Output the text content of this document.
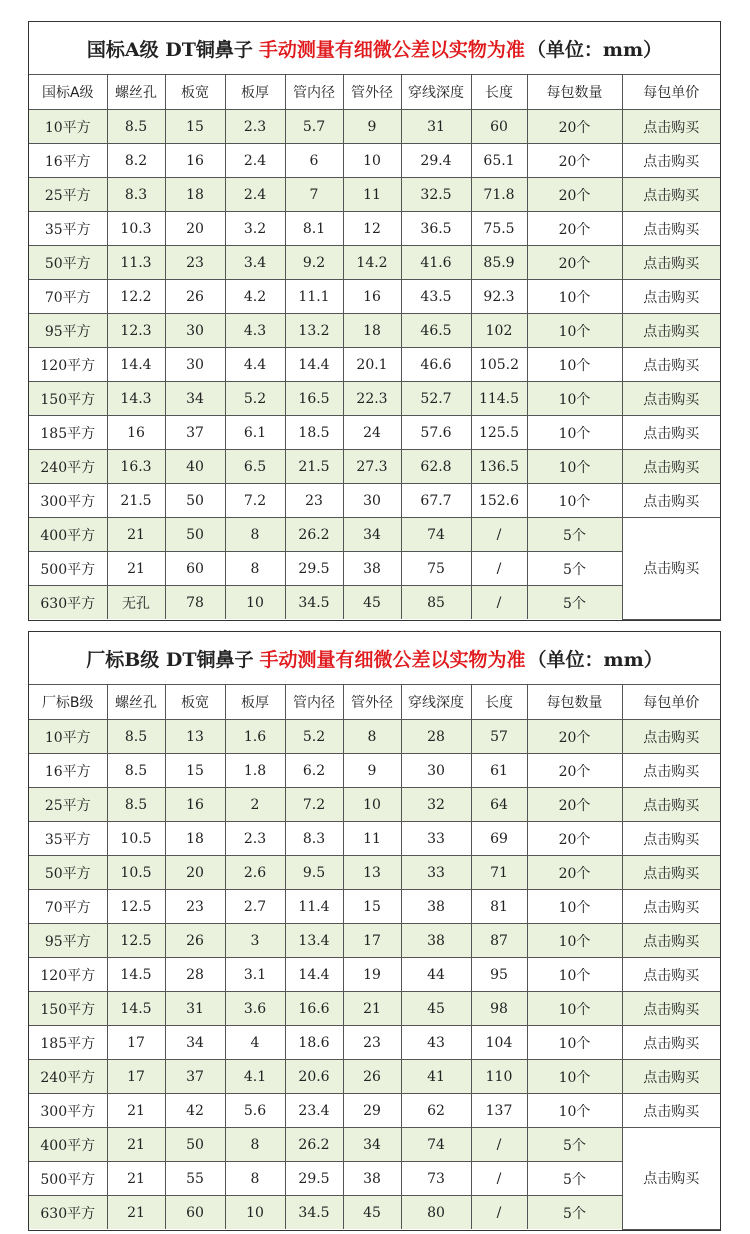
国标A级 DT铜鼻子 手动测量有细微公差以实物为准 （单位：mm）
国标A级	螺丝孔	板宽	板厚	管内径	管外径	穿线深度	长度	每包数量	每包单价
10平方	8.5	15	2.3	5.7	9	31	60	20个	点击购买
16平方	8.2	16	2.4	6	10	29.4	65.1	20个	点击购买
25平方	8.3	18	2.4	7	11	32.5	71.8	20个	点击购买
35平方	10.3	20	3.2	8.1	12	36.5	75.5	20个	点击购买
50平方	11.3	23	3.4	9.2	14.2	41.6	85.9	20个	点击购买
70平方	12.2	26	4.2	11.1	16	43.5	92.3	10个	点击购买
95平方	12.3	30	4.3	13.2	18	46.5	102	10个	点击购买
120平方	14.4	30	4.4	14.4	20.1	46.6	105.2	10个	点击购买
150平方	14.3	34	5.2	16.5	22.3	52.7	114.5	10个	点击购买
185平方	16	37	6.1	18.5	24	57.6	125.5	10个	点击购买
240平方	16.3	40	6.5	21.5	27.3	62.8	136.5	10个	点击购买
300平方	21.5	50	7.2	23	30	67.7	152.6	10个	点击购买
400平方	21	50	8	26.2	34	74	/	5个	点击购买
500平方	21	60	8	29.5	38	75	/	5个	
630平方	无孔	78	10	34.5	45	85	/	5个	
厂标B级 DT铜鼻子 手动测量有细微公差以实物为准 （单位：mm）
厂标B级	螺丝孔	板宽	板厚	管内径	管外径	穿线深度	长度	每包数量	每包单价
10平方	8.5	13	1.6	5.2	8	28	57	20个	点击购买
16平方	8.5	15	1.8	6.2	9	30	61	20个	点击购买
25平方	8.5	16	2	7.2	10	32	64	20个	点击购买
35平方	10.5	18	2.3	8.3	11	33	69	20个	点击购买
50平方	10.5	20	2.6	9.5	13	33	71	20个	点击购买
70平方	12.5	23	2.7	11.4	15	38	81	10个	点击购买
95平方	12.5	26	3	13.4	17	38	87	10个	点击购买
120平方	14.5	28	3.1	14.4	19	44	95	10个	点击购买
150平方	14.5	31	3.6	16.6	21	45	98	10个	点击购买
185平方	17	34	4	18.6	23	43	104	10个	点击购买
240平方	17	37	4.1	20.6	26	41	110	10个	点击购买
300平方	21	42	5.6	23.4	29	62	137	10个	点击购买
400平方	21	50	8	26.2	34	74	/	5个	点击购买
500平方	21	55	8	29.5	38	73	/	5个	
630平方	21	60	10	34.5	45	80	/	5个	
